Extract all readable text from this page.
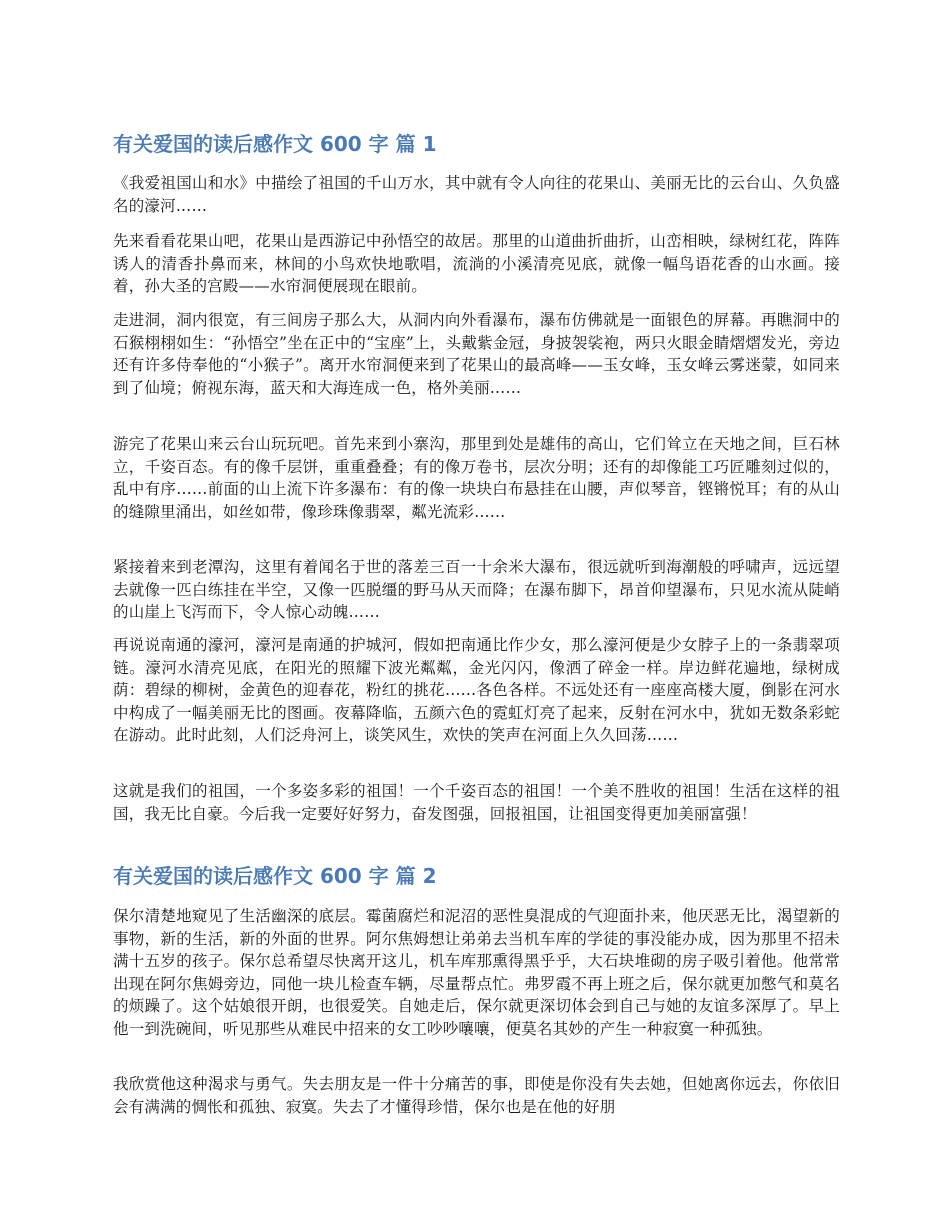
有关爱国的读后感作文 600 字 篇 1

《我爱祖国山和水》中描绘了祖国的千山万水，其中就有令人向往的花果山、美丽无比的云台山、久负盛名的濠河……

先来看看花果山吧，花果山是西游记中孙悟空的故居。那里的山道曲折曲折，山峦相映，绿树红花，阵阵诱人的清香扑鼻而来，林间的小鸟欢快地歌唱，流淌的小溪清亮见底，就像一幅鸟语花香的山水画。接着，孙大圣的宫殿——水帘洞便展现在眼前。

走进洞，洞内很宽，有三间房子那么大，从洞内向外看瀑布，瀑布仿佛就是一面银色的屏幕。再瞧洞中的石猴栩栩如生：“孙悟空”坐在正中的“宝座”上，头戴紫金冠，身披袈裟袍，两只火眼金睛熠熠发光，旁边还有许多侍奉他的“小猴子”。离开水帘洞便来到了花果山的最高峰——玉女峰，玉女峰云雾迷蒙，如同来到了仙境；俯视东海，蓝天和大海连成一色，格外美丽……

游完了花果山来云台山玩玩吧。首先来到小寨沟，那里到处是雄伟的高山，它们耸立在天地之间，巨石林立，千姿百态。有的像千层饼，重重叠叠；有的像万卷书，层次分明；还有的却像能工巧匠雕刻过似的，乱中有序……前面的山上流下许多瀑布：有的像一块块白布悬挂在山腰，声似琴音，铿锵悦耳；有的从山的缝隙里涌出，如丝如带，像珍珠像翡翠，粼光流彩……

紧接着来到老潭沟，这里有着闻名于世的落差三百一十余米大瀑布，很远就听到海潮般的呼啸声，远远望去就像一匹白练挂在半空，又像一匹脱缰的野马从天而降；在瀑布脚下，昂首仰望瀑布，只见水流从陡峭的山崖上飞泻而下，令人惊心动魄……

再说说南通的濠河，濠河是南通的护城河，假如把南通比作少女，那么濠河便是少女脖子上的一条翡翠项链。濠河水清亮见底，在阳光的照耀下波光粼粼，金光闪闪，像洒了碎金一样。岸边鲜花遍地，绿树成荫：碧绿的柳树，金黄色的迎春花，粉红的挑花……各色各样。不远处还有一座座高楼大厦，倒影在河水中构成了一幅美丽无比的图画。夜幕降临，五颜六色的霓虹灯亮了起来，反射在河水中，犹如无数条彩蛇在游动。此时此刻，人们泛舟河上，谈笑风生，欢快的笑声在河面上久久回荡……

这就是我们的祖国，一个多姿多彩的祖国！一个千姿百态的祖国！一个美不胜收的祖国！生活在这样的祖国，我无比自豪。今后我一定要好好努力，奋发图强，回报祖国，让祖国变得更加美丽富强！

有关爱国的读后感作文 600 字 篇 2

保尔清楚地窥见了生活幽深的底层。霉菌腐烂和泥沼的恶性臭混成的气迎面扑来，他厌恶无比，渴望新的事物，新的生活，新的外面的世界。阿尔焦姆想让弟弟去当机车库的学徒的事没能办成，因为那里不招未满十五岁的孩子。保尔总希望尽快离开这儿，机车库那熏得黑乎乎，大石块堆砌的房子吸引着他。他常常出现在阿尔焦姆旁边，同他一块儿检查车辆，尽量帮点忙。弗罗霞不再上班之后，保尔就更加憋气和莫名的烦躁了。这个姑娘很开朗，也很爱笑。自她走后，保尔就更深切体会到自己与她的友谊多深厚了。早上他一到洗碗间，听见那些从难民中招来的女工吵吵嚷嚷，便莫名其妙的产生一种寂寞一种孤独。

我欣赏他这种渴求与勇气。失去朋友是一件十分痛苦的事，即使是你没有失去她，但她离你远去，你依旧会有满满的惆怅和孤独、寂寞。失去了才懂得珍惜，保尔也是在他的好朋
